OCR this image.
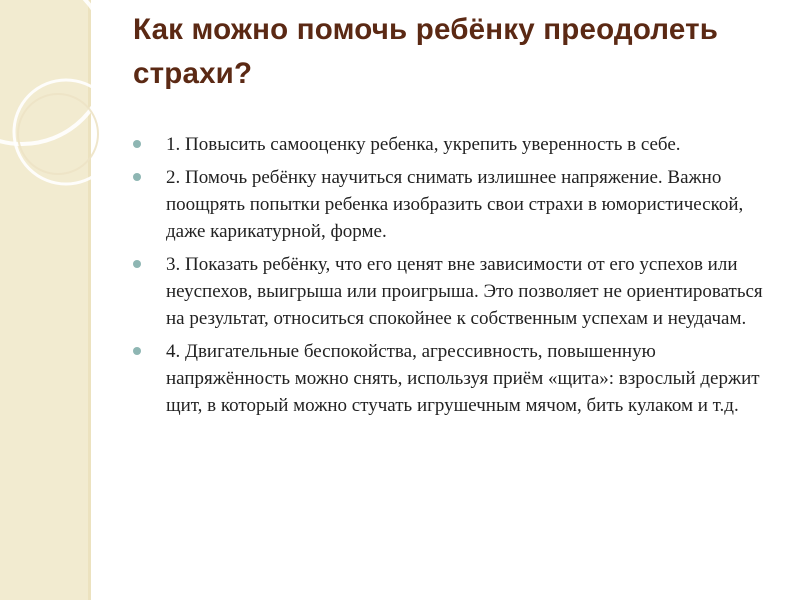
Как можно помочь ребёнку преодолеть страхи?
1. Повысить самооценку ребенка, укрепить уверенность в себе.
2. Помочь ребёнку научиться снимать излишнее напряжение. Важно поощрять попытки ребенка изобразить свои страхи в юмористической, даже карикатурной, форме.
3. Показать ребёнку, что его ценят вне зависимости от его успехов или неуспехов, выигрыша или проигрыша. Это позволяет не ориентироваться на результат, относиться спокойнее к собственным успехам и неудачам.
4. Двигательные беспокойства, агрессивность, повышенную напряжённость можно снять, используя приём «щита»: взрослый держит щит, в который можно стучать игрушечным мячом, бить кулаком и т.д.
